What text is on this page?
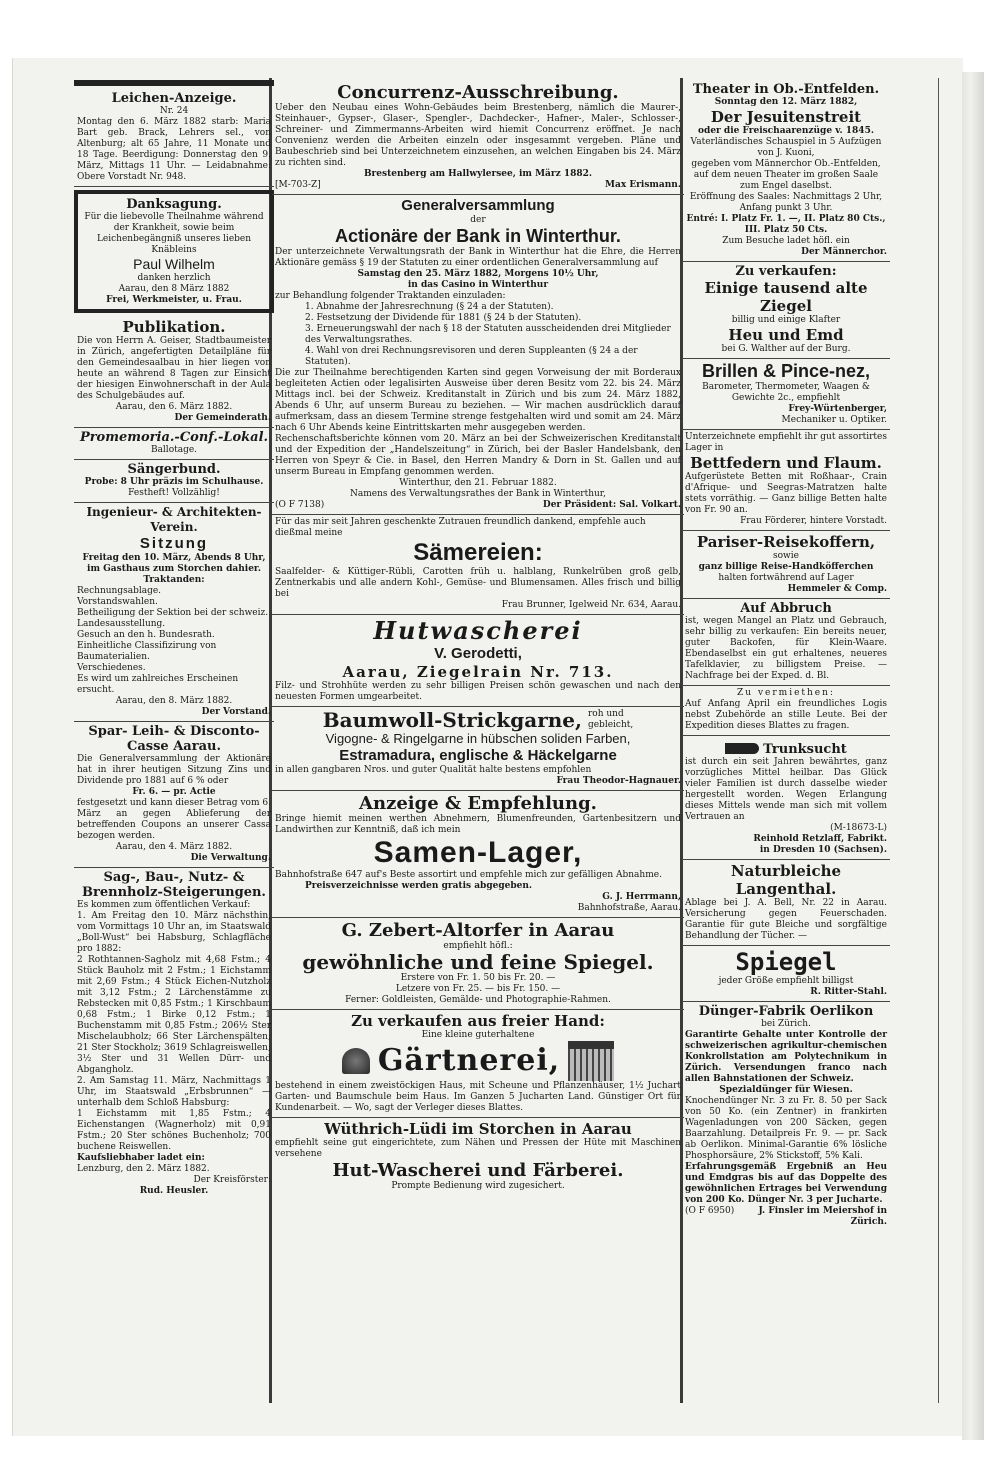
Leichen-Anzeige.

Nr. 24

Montag den 6. März 1882 starb: Maria Bart geb. Brack, Lehrers sel., von Altenburg; alt 65 Jahre, 11 Monate und 18 Tage. Beerdigung: Donnerstag den 9. März, Mittags 11 Uhr. — Leidabnahme: Obere Vorstadt Nr. 948.

Danksagung.

Für die liebevolle Theilnahme während der Krankheit, sowie beim Leichenbegängniß unseres lieben Knäbleins

Paul Wilhelm

danken herzlich

Aarau, den 8 März 1882

Frei, Werkmeister, u. Frau.

Publikation.

Die von Herrn A. Geiser, Stadtbaumeister in Zürich, angefertigten Detailpläne für den Gemeindesaalbau in hier liegen von heute an während 8 Tagen zur Einsicht der hiesigen Einwohnerschaft in der Aula des Schulgebäudes auf.

Aarau, den 6. März 1882.

Der Gemeinderath.

Promemoria.-Conf.-Lokal.

Ballotage.

Sängerbund.

Probe: 8 Uhr präzis im Schulhause.

Festheft! Vollzählig!

Ingenieur- & Architekten-Verein.

Sitzung

Freitag den 10. März, Abends 8 Uhr, im Gasthaus zum Storchen dahier.

Traktanden:

Rechnungsablage.
Vorstandswahlen.
Betheiligung der Sektion bei der schweiz. Landesausstellung.
Gesuch an den h. Bundesrath.
Einheitliche Classifizirung von Baumaterialien.
Verschiedenes.

Es wird um zahlreiches Erscheinen ersucht.

Aarau, den 8. März 1882.

Der Vorstand.

Spar- Leih- & Disconto-

Casse Aarau.

Die Generalversammlung der Aktionäre hat in ihrer heutigen Sitzung Zins und Dividende pro 1881 auf 6 % oder

Fr. 6. — pr. Actie

festgesetzt und kann dieser Betrag vom 6. März an gegen Ablieferung der betreffenden Coupons an unserer Cassa bezogen werden.

Aarau, den 4. März 1882.

Die Verwaltung.

Sag-, Bau-, Nutz- &

Brennholz-Steigerungen.

Es kommen zum öffentlichen Verkauf:

1. Am Freitag den 10. März nächsthin, vom Vormittags 10 Uhr an, im Staatswald „Boll-Wust“ bei Habsburg, Schlagfläche pro 1882:

2 Rothtannen-Sagholz mit 4,68 Fstm.; 4 Stück Bauholz mit 2 Fstm.; 1 Eichstamm mit 2,69 Fstm.; 4 Stück Eichen-Nutzholz mit 3,12 Fstm.; 2 Lärchenstämme zu Rebstecken mit 0,85 Fstm.; 1 Kirschbaum 0,68 Fstm.; 1 Birke 0,12 Fstm.; 1 Buchenstamm mit 0,85 Fstm.; 206½ Ster Mischelaubholz; 66 Ster Lärchenspälten; 21 Ster Stockholz; 3619 Schlagreiswellen; 3½ Ster und 31 Wellen Dürr- und Abgangholz.

2. Am Samstag 11. März, Nachmittags 1 Uhr, im Staatswald „Erbsbrunnen“ — unterhalb dem Schloß Habsburg:

1 Eichstamm mit 1,85 Fstm.; 4 Eichenstangen (Wagnerholz) mit 0,91 Fstm.; 20 Ster schönes Buchenholz; 700 buchene Reiswellen.

Kaufsliebhaber ladet ein:

Lenzburg, den 2. März 1882.

Der Kreisförster:

Rud. Heusler.

Concurrenz-Ausschreibung.

Ueber den Neubau eines Wohn-Gebäudes beim Brestenberg, nämlich die Maurer-, Steinhauer-, Gypser-, Glaser-, Spengler-, Dachdecker-, Hafner-, Maler-, Schlosser-, Schreiner- und Zimmermanns-Arbeiten wird hiemit Concurrenz eröffnet. Je nach Convenienz werden die Arbeiten einzeln oder insgesammt vergeben. Pläne und Baubeschrieb sind bei Unterzeichnetem einzusehen, an welchen Eingaben bis 24. März zu richten sind.

Brestenberg am Hallwylersee, im März 1882.

[M-703-Z]	Max Erismann.

Generalversammlung

der

Actionäre der Bank in Winterthur.

Der unterzeichnete Verwaltungsrath der Bank in Winterthur hat die Ehre, die Herren Aktionäre gemäss § 19 der Statuten zu einer ordentlichen Generalversammlung auf

Samstag den 25. März 1882, Morgens 10½ Uhr,

in das Casino in Winterthur

zur Behandlung folgender Traktanden einzuladen:

1. Abnahme der Jahresrechnung (§ 24 a der Statuten).
2. Festsetzung der Dividende für 1881 (§ 24 b der Statuten).
3. Erneuerungswahl der nach § 18 der Statuten ausscheidenden drei Mitglieder des Verwaltungsrathes.
4. Wahl von drei Rechnungsrevisoren und deren Suppleanten (§ 24 a der Statuten).

Die zur Theilnahme berechtigenden Karten sind gegen Vorweisung der mit Borderaux begleiteten Actien oder legalisirten Ausweise über deren Besitz vom 22. bis 24. März Mittags incl. bei der Schweiz. Kreditanstalt in Zürich und bis zum 24. März 1882, Abends 6 Uhr, auf unserm Bureau zu beziehen. — Wir machen ausdrücklich darauf aufmerksam, dass an diesem Termine strenge festgehalten wird und somit am 24. März nach 6 Uhr Abends keine Eintrittskarten mehr ausgegeben werden.

Rechenschaftsberichte können vom 20. März an bei der Schweizerischen Kreditanstalt und der Expedition der „Handelszeitung“ in Zürich, bei der Basler Handelsbank, den Herren von Speyr & Cie. in Basel, den Herren Mandry & Dorn in St. Gallen und auf unserm Bureau in Empfang genommen werden.

Winterthur, den 21. Februar 1882.

Namens des Verwaltungsrathes der Bank in Winterthur,

(O F 7138)	Der Präsident: Sal. Volkart.

Für das mir seit Jahren geschenkte Zutrauen freundlich dankend, empfehle auch dießmal meine

Sämereien:

Saalfelder- & Küttiger-Rübli, Carotten früh u. halblang, Runkelrüben groß gelb, Zentnerkabis und alle andern Kohl-, Gemüse- und Blumensamen. Alles frisch und billig bei

Frau Brunner, Igelweid Nr. 634, Aarau.

Hutwascherei

V. Gerodetti,

Aarau, Ziegelrain Nr. 713.

Filz- und Strohhüte werden zu sehr billigen Preisen schön gewaschen und nach den neuesten Formen umgearbeitet.

Baumwoll-Strickgarne, roh und

gebleicht,

Vigogne- & Ringelgarne in hübschen soliden Farben,

Estramadura, englische & Häckelgarne

in allen gangbaren Nros. und guter Qualität halte bestens empfohlen

Frau Theodor-Hagnauer.

Anzeige & Empfehlung.

Bringe hiemit meinen werthen Abnehmern, Blumenfreunden, Gartenbesitzern und Landwirthen zur Kenntniß, daß ich mein

Samen-Lager,

Bahnhofstraße 647 auf's Beste assortirt und empfehle mich zur gefälligen Abnahme.

Preisverzeichnisse werden gratis abgegeben.

G. J. Herrmann,

Bahnhofstraße, Aarau.

G. Zebert-Altorfer in Aarau

empfiehlt höfl.:

gewöhnliche und feine Spiegel.

Erstere von Fr. 1. 50 bis Fr. 20. —

Letzere von Fr. 25. — bis Fr. 150. —

Ferner: Goldleisten, Gemälde- und Photographie-Rahmen.

Zu verkaufen aus freier Hand:

Eine kleine guterhaltene

Gärtnerei,

bestehend in einem zweistöckigen Haus, mit Scheune und Pflanzenhäuser, 1½ Juchart Garten- und Baumschule beim Haus. Im Ganzen 5 Jucharten Land. Günstiger Ort für Kundenarbeit. — Wo, sagt der Verleger dieses Blattes.

Wüthrich-Lüdi im Storchen in Aarau

empfiehlt seine gut eingerichtete, zum Nähen und Pressen der Hüte mit Maschinen versehene

Hut-Wascherei und Färberei.

Prompte Bedienung wird zugesichert.

Theater in Ob.-Entfelden.

Sonntag den 12. März 1882,

Der Jesuitenstreit

oder die Freischaarenzüge v. 1845.

Vaterländisches Schauspiel in 5 Aufzügen von J. Kuoni,

gegeben vom Männerchor Ob.-Entfelden, auf dem neuen Theater im großen Saale zum Engel daselbst.

Eröffnung des Saales: Nachmittags 2 Uhr, Anfang punkt 3 Uhr.

Entré: I. Platz Fr. 1. —, II. Platz 80 Cts., III. Platz 50 Cts.

Zum Besuche ladet höfl. ein

Der Männerchor.

Zu verkaufen:

Einige tausend alte Ziegel

billig und einige Klafter

Heu und Emd

bei G. Walther auf der Burg.

Brillen & Pince-nez,

Barometer, Thermometer, Waagen & Gewichte 2c., empfiehlt

Frey-Würtenberger,

Mechaniker u. Optiker.

Unterzeichnete empfiehlt ihr gut assortirtes Lager in

Bettfedern und Flaum.

Aufgerüstete Betten mit Roßhaar-, Crain d'Afrique- und Seegras-Matratzen halte stets vorräthig. — Ganz billige Betten halte von Fr. 90 an.

Frau Förderer, hintere Vorstadt.

Pariser-Reisekoffern,

sowie

ganz billige Reise-Handköfferchen

halten fortwährend auf Lager

Hemmeler & Comp.

Auf Abbruch

ist, wegen Mangel an Platz und Gebrauch, sehr billig zu verkaufen: Ein bereits neuer, guter Backofen, für Klein-Waare. Ebendaselbst ein gut erhaltenes, neueres Tafelklavier, zu billigstem Preise. — Nachfrage bei der Exped. d. Bl.

Zu vermiethen:

Auf Anfang April ein freundliches Logis nebst Zubehörde an stille Leute. Bei der Expedition dieses Blattes zu fragen.

Trunksucht

ist durch ein seit Jahren bewährtes, ganz vorzügliches Mittel heilbar. Das Glück vieler Familien ist durch dasselbe wieder hergestellt worden. Wegen Erlangung dieses Mittels wende man sich mit vollem Vertrauen an

(M-18673-L)

Reinhold Retzlaff, Fabrikt.

in Dresden 10 (Sachsen).

Naturbleiche Langenthal.

Ablage bei J. A. Bell, Nr. 22 in Aarau. Versicherung gegen Feuerschaden. Garantie für gute Bleiche und sorgfältige Behandlung der Tücher. —

Spiegel

jeder Größe empfiehlt billigst

R. Ritter-Stahl.

Dünger-Fabrik Oerlikon

bei Zürich.

Garantirte Gehalte unter Kontrolle der schweizerischen agrikultur-chemischen Konkrollstation am Polytechnikum in Zürich. Versendungen franco nach allen Bahnstationen der Schweiz.

Spezialdünger für Wiesen.

Knochendünger Nr. 3 zu Fr. 8. 50 per Sack von 50 Ko. (ein Zentner) in frankirten Wagenladungen von 200 Säcken, gegen Baarzahlung. Detailpreis Fr. 9. — pr. Sack ab Oerlikon. Minimal-Garantie 6% lösliche Phosphorsäure, 2% Stickstoff, 5% Kali.

Erfahrungsgemäß Ergebniß an Heu und Emdgras bis auf das Doppelte des gewöhnlichen Ertrages bei Verwendung von 200 Ko. Dünger Nr. 3 per Jucharte.

(O F 6950)	J. Finsler im Meiershof in Zürich.
